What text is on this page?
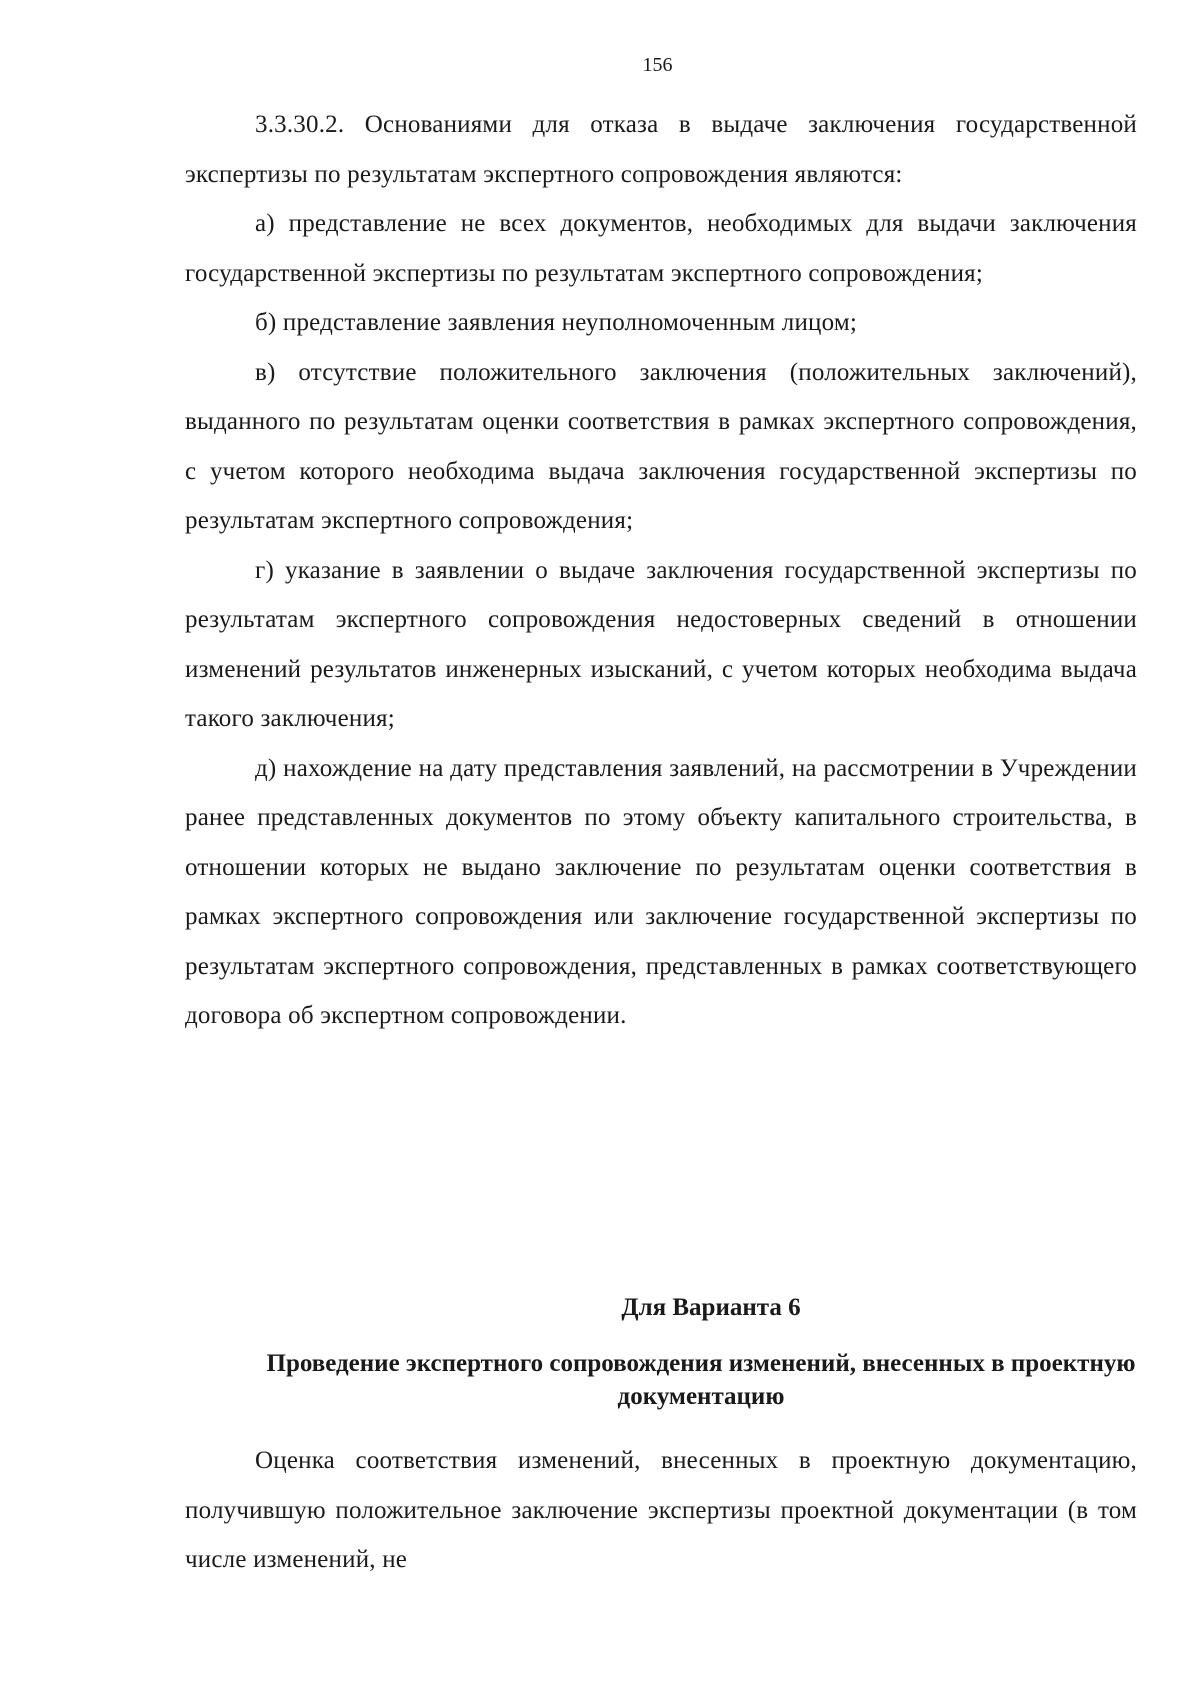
156

3.3.30.2. Основаниями для отказа в выдаче заключения государственной экспертизы по результатам экспертного сопровождения являются:

а) представление не всех документов, необходимых для выдачи заключения государственной экспертизы по результатам экспертного сопровождения;

б) представление заявления неуполномоченным лицом;

в) отсутствие положительного заключения (положительных заключений), выданного по результатам оценки соответствия в рамках экспертного сопровождения, с учетом которого необходима выдача заключения государственной экспертизы по результатам экспертного сопровождения;

г) указание в заявлении о выдаче заключения государственной экспертизы по результатам экспертного сопровождения недостоверных сведений в отношении изменений результатов инженерных изысканий, с учетом которых необходима выдача такого заключения;

д) нахождение на дату представления заявлений, на рассмотрении в Учреждении ранее представленных документов по этому объекту капитального строительства, в отношении которых не выдано заключение по результатам оценки соответствия в рамках экспертного сопровождения или заключение государственной экспертизы по результатам экспертного сопровождения, представленных в рамках соответствующего договора об экспертном сопровождении.

Для Варианта 6
Проведение экспертного сопровождения изменений, внесенных в проектную документацию

Оценка соответствия изменений, внесенных в проектную документацию, получившую положительное заключение экспертизы проектной документации (в том числе изменений, не
